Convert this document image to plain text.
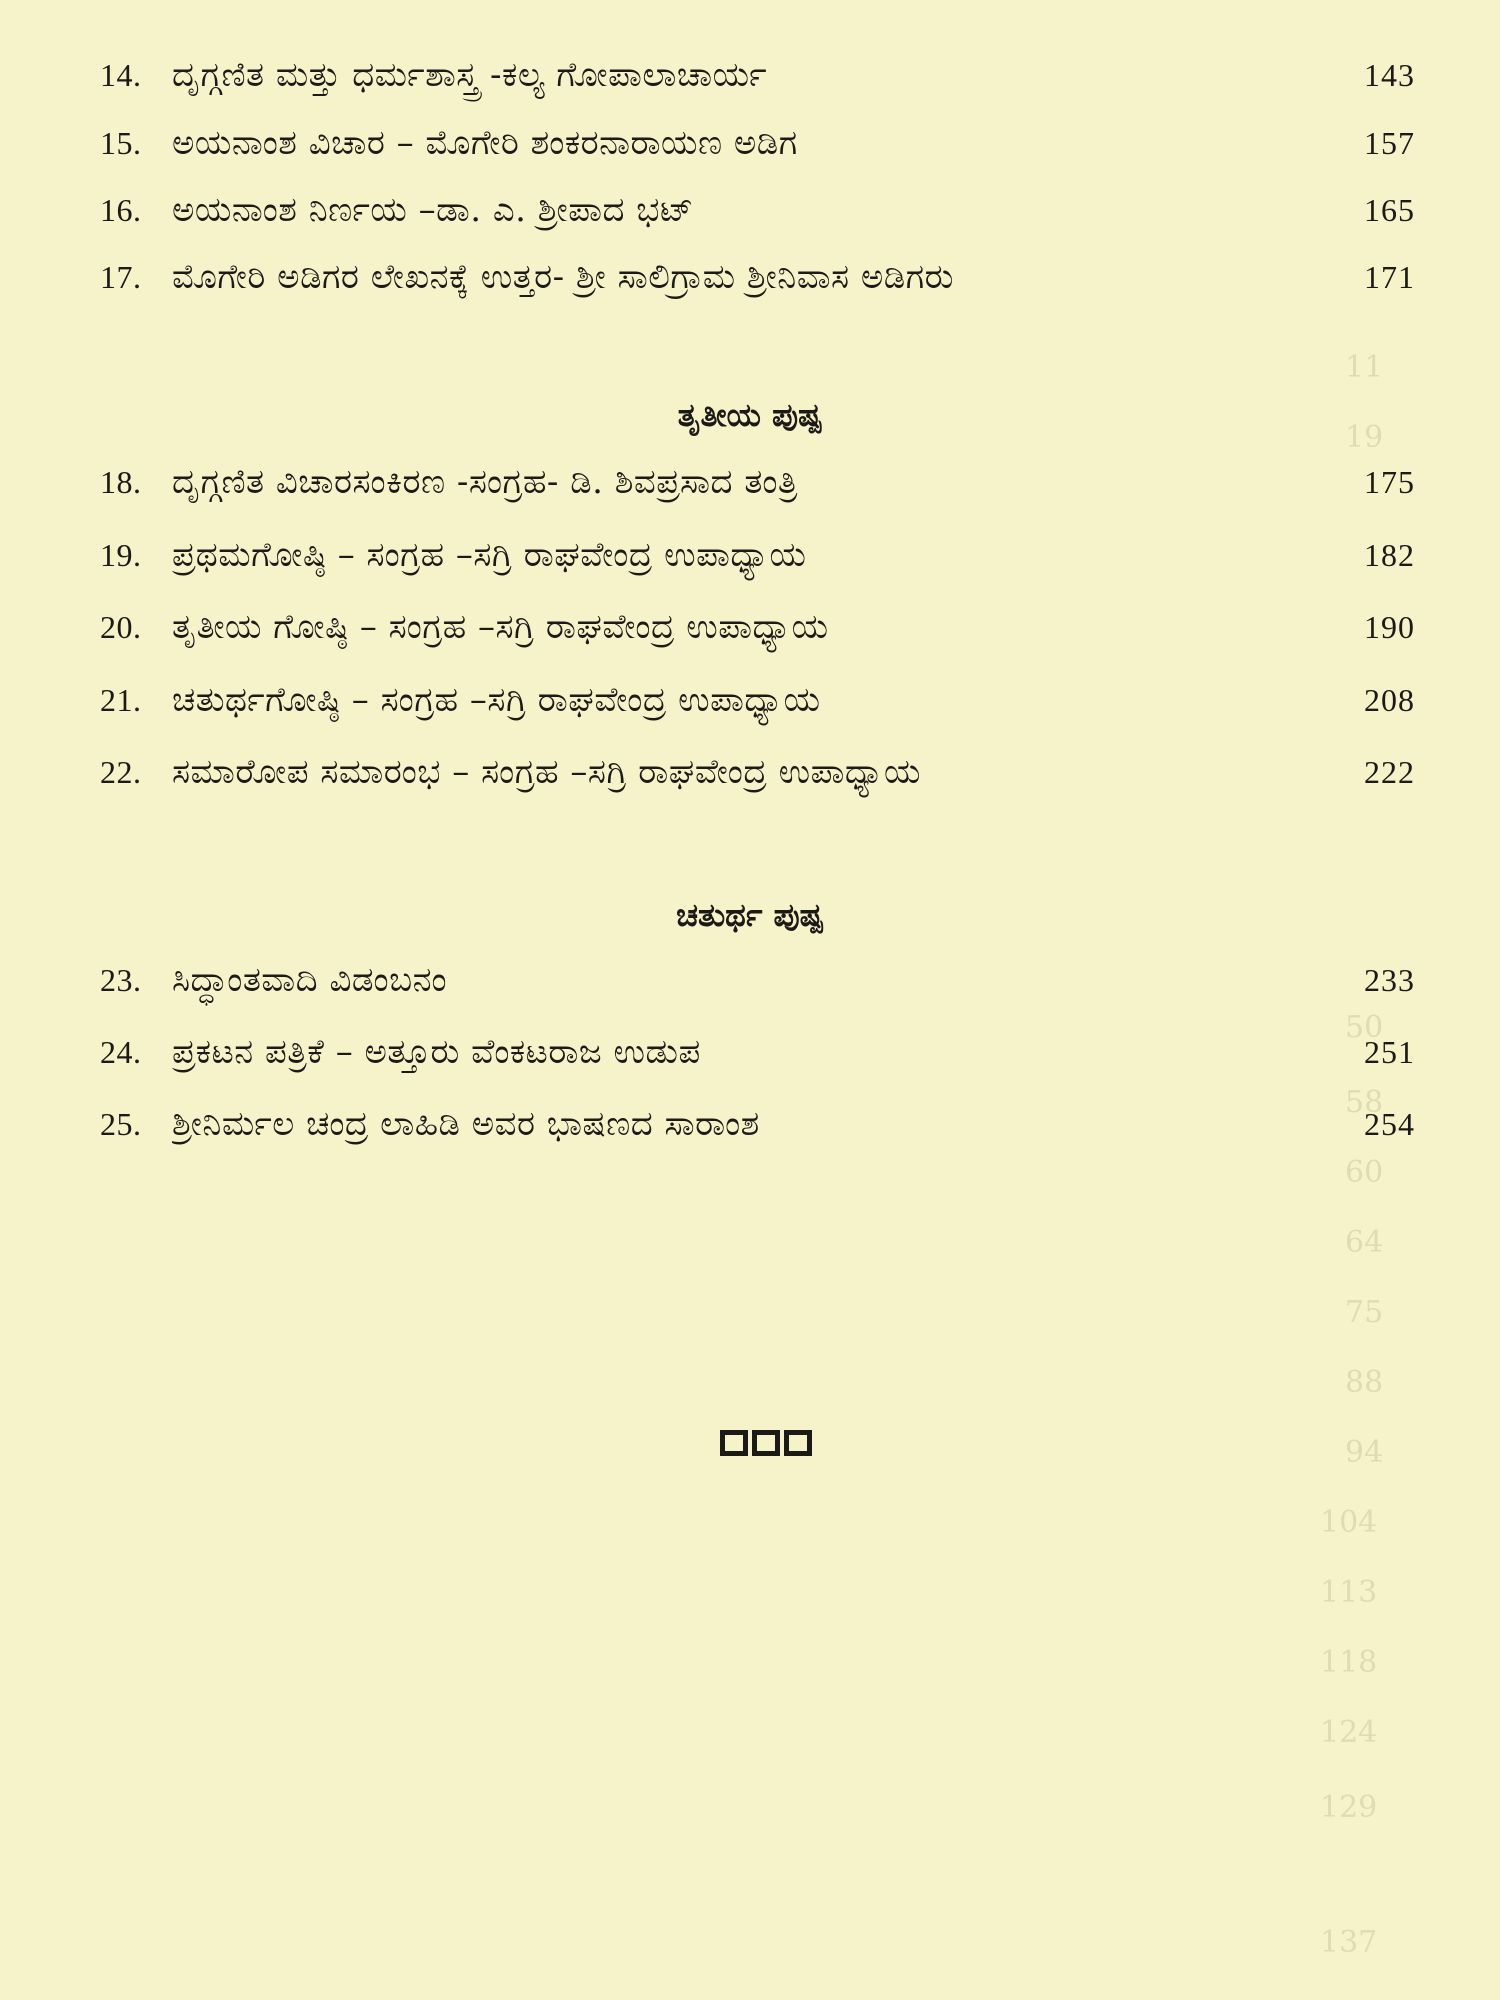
11
19
50
58
60
64
75
88
94
104
113
118
124
129
137
14. ದೃಗ್ಗಣಿತ ಮತ್ತು ಧರ್ಮಶಾಸ್ತ್ರ -ಕಲ್ಯ ಗೋಪಾಲಾಚಾರ್ಯ	143
15. ಅಯನಾಂಶ ವಿಚಾರ – ಮೊಗೇರಿ ಶಂಕರನಾರಾಯಣ ಅಡಿಗ	157
16. ಅಯನಾಂಶ ನಿರ್ಣಯ –ಡಾ. ಎ. ಶ್ರೀಪಾದ ಭಟ್	165
17. ಮೊಗೇರಿ ಅಡಿಗರ ಲೇಖನಕ್ಕೆ ಉತ್ತರ- ಶ್ರೀ ಸಾಲಿಗ್ರಾಮ ಶ್ರೀನಿವಾಸ ಅಡಿಗರು	171
ತೃತೀಯ ಪುಷ್ಪ
18. ದೃಗ್ಗಣಿತ ವಿಚಾರಸಂಕಿರಣ -ಸಂಗ್ರಹ- ಡಿ. ಶಿವಪ್ರಸಾದ ತಂತ್ರಿ	175
19. ಪ್ರಥಮಗೋಷ್ಠಿ – ಸಂಗ್ರಹ –ಸಗ್ರಿ ರಾಘವೇಂದ್ರ ಉಪಾಧ್ಯಾಯ	182
20. ತೃತೀಯ ಗೋಷ್ಠಿ – ಸಂಗ್ರಹ –ಸಗ್ರಿ ರಾಘವೇಂದ್ರ ಉಪಾಧ್ಯಾಯ	190
21. ಚತುರ್ಥಗೋಷ್ಠಿ – ಸಂಗ್ರಹ –ಸಗ್ರಿ ರಾಘವೇಂದ್ರ ಉಪಾಧ್ಯಾಯ	208
22. ಸಮಾರೋಪ ಸಮಾರಂಭ – ಸಂಗ್ರಹ –ಸಗ್ರಿ ರಾಘವೇಂದ್ರ ಉಪಾಧ್ಯಾಯ	222
ಚತುರ್ಥ ಪುಷ್ಪ
23. ಸಿದ್ಧಾಂತವಾದಿ ವಿಡಂಬನಂ	233
24. ಪ್ರಕಟನ ಪತ್ರಿಕೆ – ಅತ್ತೂರು ವೆಂಕಟರಾಜ ಉಡುಪ	251
25. ಶ್ರೀನಿರ್ಮಲ ಚಂದ್ರ ಲಾಹಿಡಿ ಅವರ ಭಾಷಣದ ಸಾರಾಂಶ	254
